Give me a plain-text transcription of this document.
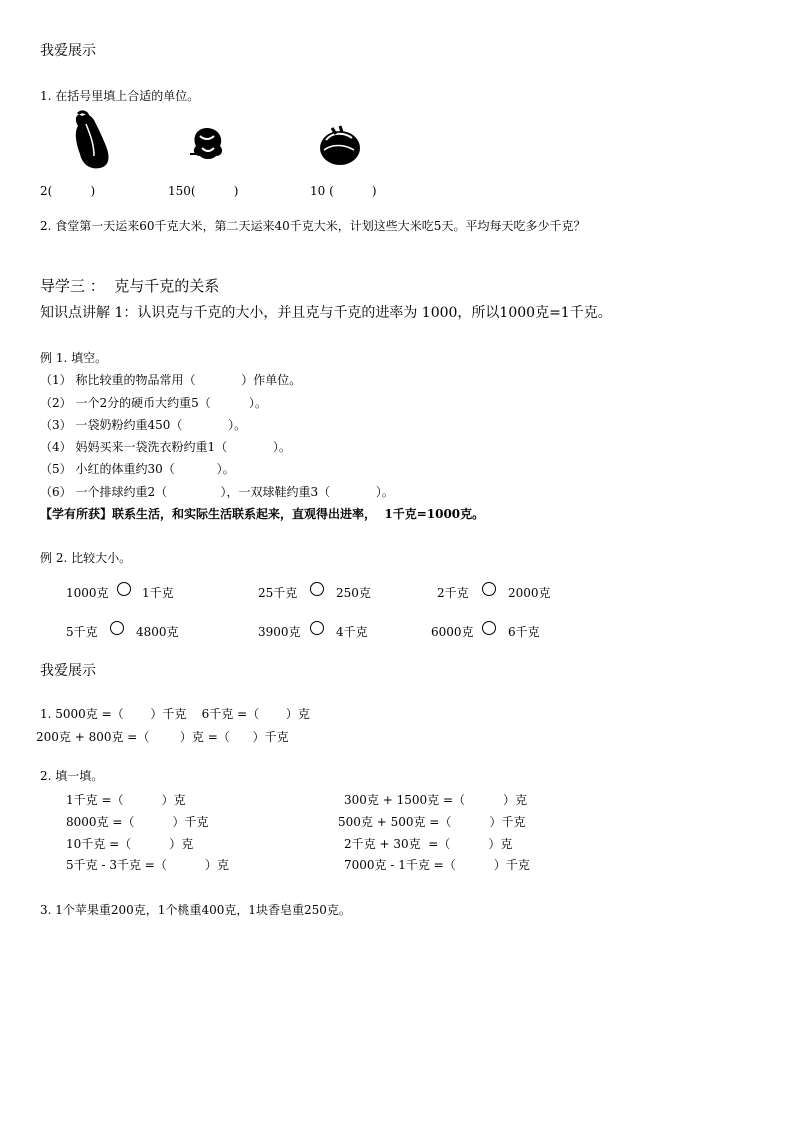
我爱展示
1. 在括号里填上合适的单位。
2(          )	150(          )	10 (          )
2. 食堂第一天运来60千克大米，第二天运来40千克大米，计划这些大米吃5天。平均每天吃多少千克？
导学三 ：  克与千克的关系
知识点讲解 1：认识克与千克的大小，并且克与千克的进率为 1000，所以1000克=1千克。
例 1. 填空。
（1） 称比较重的物品常用（            ）作单位。
（2） 一个2分的硬币大约重5（          ）。
（3） 一袋奶粉约重450（            ）。
（4） 妈妈买来一袋洗衣粉约重1（            ）。
（5） 小红的体重约30（           ）。
（6） 一个排球约重2（              ），一双球鞋约重3（            ）。
【学有所获】联系生活，和实际生活联系起来，直观得出进率，  1千克=1000克。
例 2. 比较大小。
1000克	1千克	25千克	250克	2千克	2000克
5千克	4800克	3900克	4千克	6000克	6千克
我爱展示
1. 5000克 =（       ）千克    6千克 =（       ）克
200克 + 800克 =（        ）克 =（      ）千克
2. 填一填。
1千克 =（          ）克
8000克 =（          ）千克
10千克 =（          ）克
5千克 - 3千克 =（          ）克
300克 + 1500克 =（          ）克
500克 + 500克 =（          ）千克
2千克 + 30克  =（          ）克
7000克 - 1千克 =（          ）千克
3. 1个苹果重200克，1个桃重400克，1块香皂重250克。
